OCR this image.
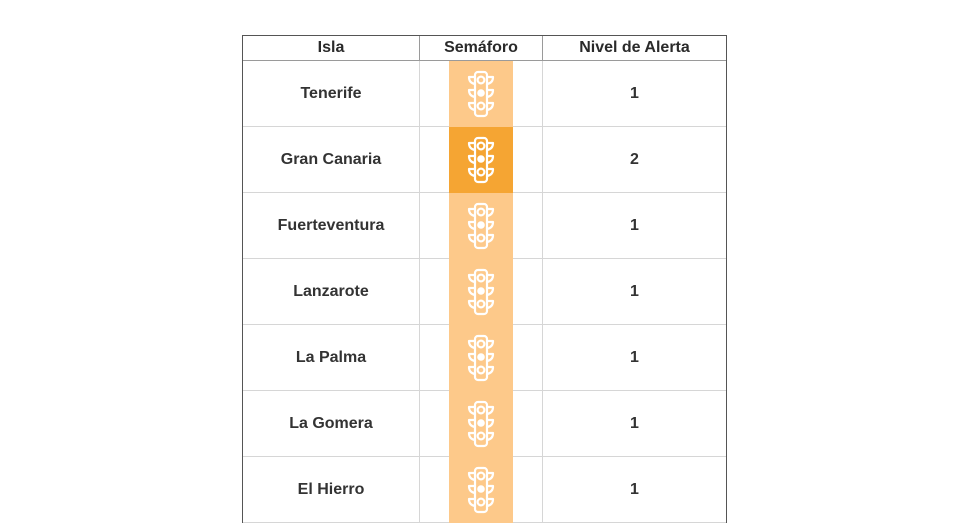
Isla	Semáforo	Nivel de Alerta
Tenerife	1
Gran Canaria	2
Fuerteventura	1
Lanzarote	1
La Palma	1
La Gomera	1
El Hierro	1
